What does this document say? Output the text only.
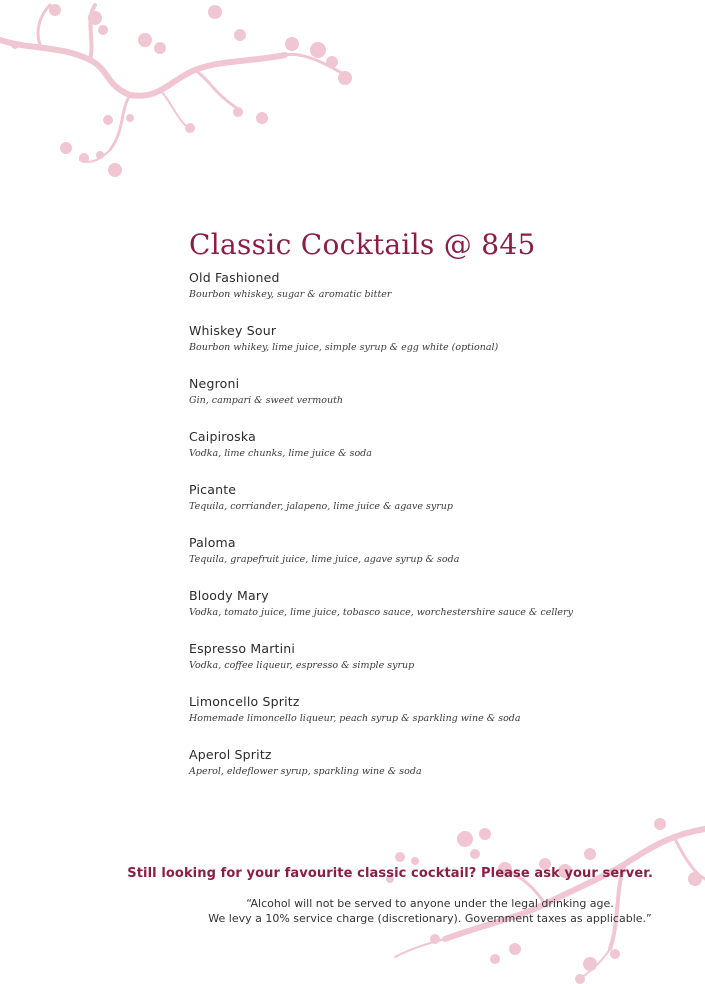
Classic Cocktails @ 845
Old Fashioned
Bourbon whiskey, sugar & aromatic bitter
Whiskey Sour
Bourbon whikey, lime juice, simple syrup & egg white (optional)
Negroni
Gin, campari & sweet vermouth
Caipiroska
Vodka, lime chunks, lime juice & soda
Picante
Tequila, corriander, jalapeno, lime juice & agave syrup
Paloma
Tequila, grapefruit juice, lime juice, agave syrup & soda
Bloody Mary
Vodka, tomato juice, lime juice, tobasco sauce, worchestershire sauce & cellery
Espresso Martini
Vodka, coffee liqueur, espresso & simple syrup
Limoncello Spritz
Homemade limoncello liqueur, peach syrup & sparkling wine & soda
Aperol Spritz
Aperol, eldeflower syrup, sparkling wine & soda
Still looking for your favourite classic cocktail? Please ask your server.
“Alcohol will not be served to anyone under the legal drinking age.
We levy a 10% service charge (discretionary). Government taxes as applicable.”
